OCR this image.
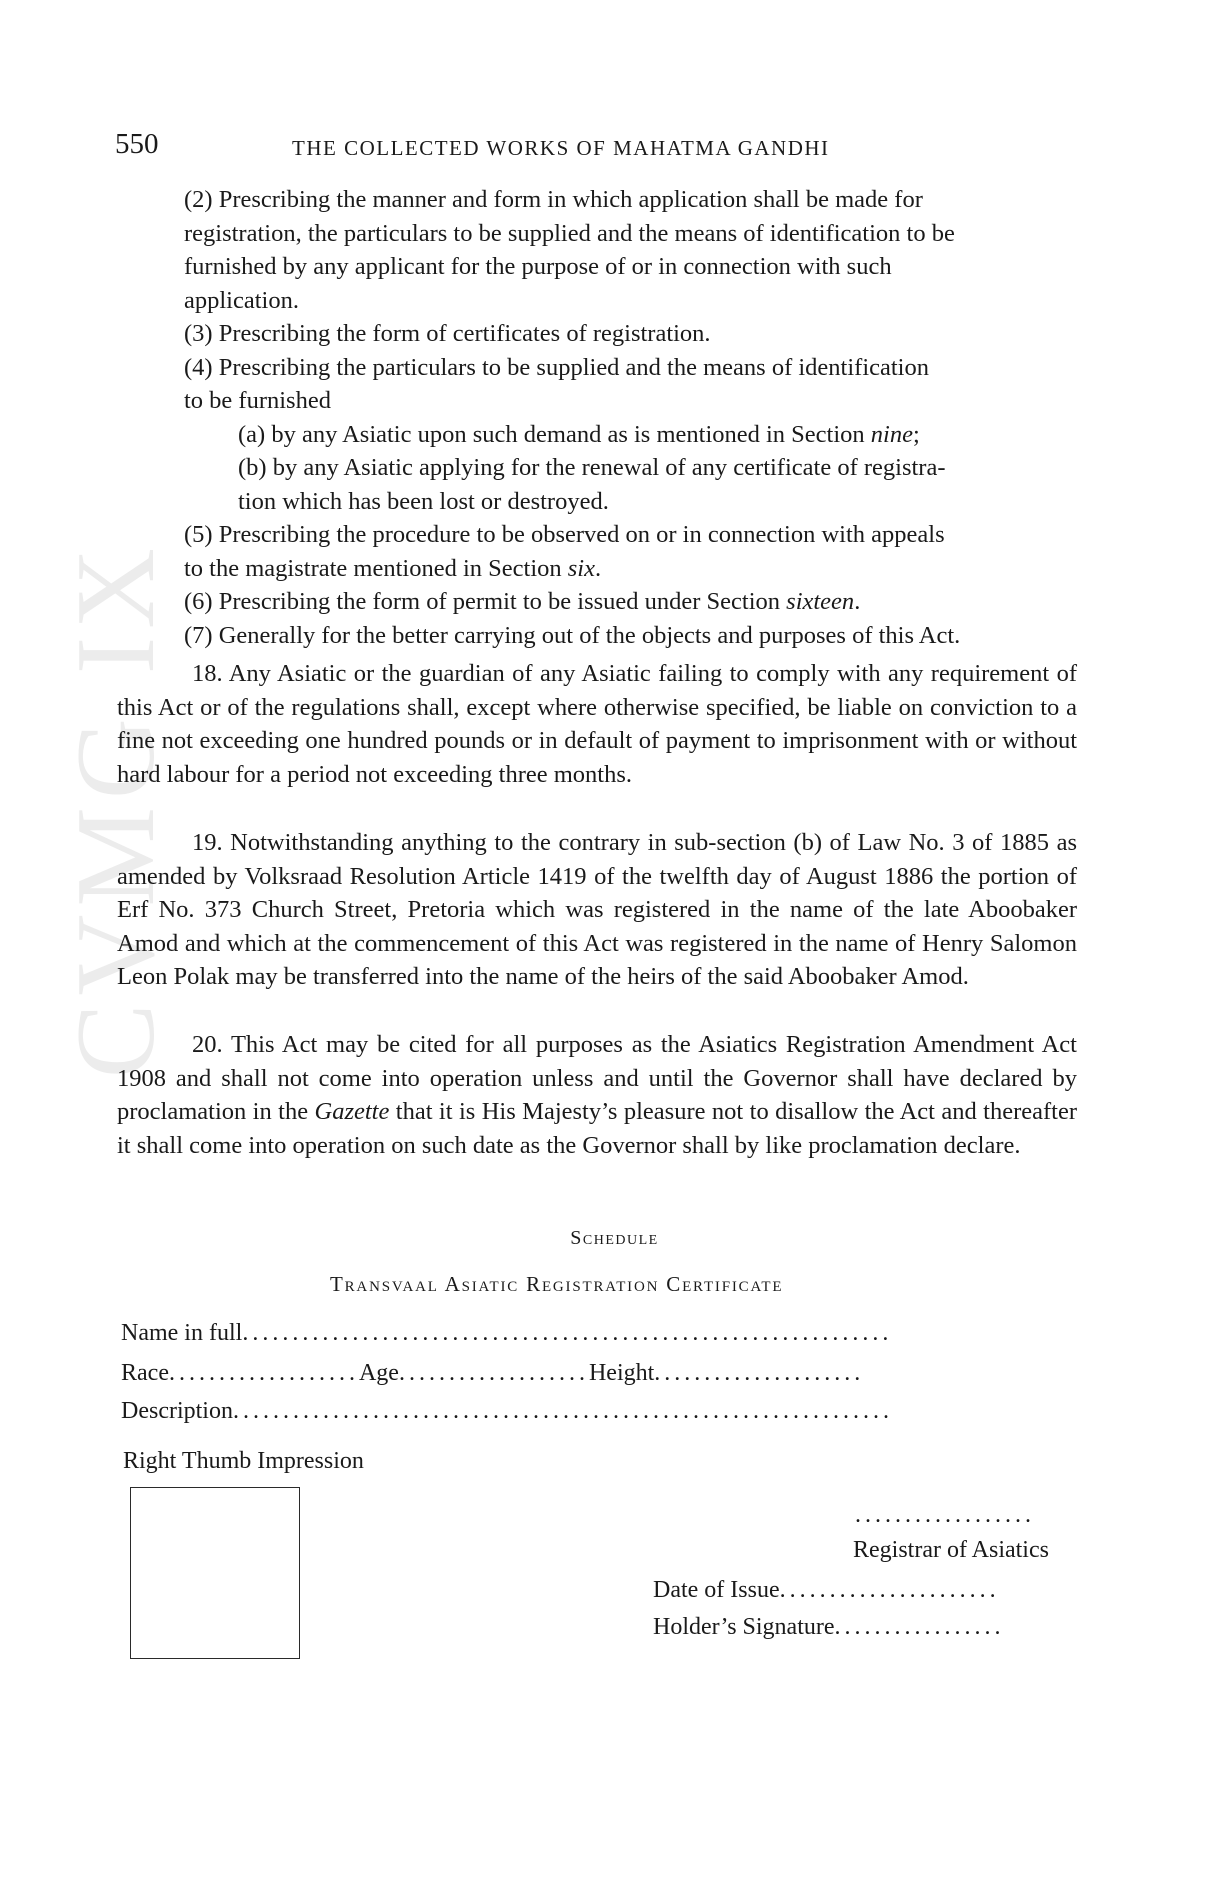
550	THE COLLECTED WORKS OF MAHATMA GANDHI
CVMG IX
(2) Prescribing the manner and form in which application shall be made for
registration, the particulars to be supplied and the means of identification to be
furnished by any applicant for the purpose of or in connection with such
application.
(3) Prescribing the form of certificates of registration.
(4) Prescribing the particulars to be supplied and the means of identification
to be furnished
(a) by any Asiatic upon such demand as is mentioned in Section nine;
(b) by any Asiatic applying for the renewal of any certificate of registra-
tion which has been lost or destroyed.
(5) Prescribing the procedure to be observed on or in connection with appeals
to the magistrate mentioned in Section six.
(6) Prescribing the form of permit to be issued under Section sixteen.
(7) Generally for the better carrying out of the objects and purposes of this Act.

18. Any Asiatic or the guardian of any Asiatic failing to comply with any requirement of this Act or of the regulations shall, except where otherwise specified, be liable on conviction to a fine not exceeding one hundred pounds or in default of payment to imprisonment with or without hard labour for a period not exceeding three months.

19. Notwithstanding anything to the contrary in sub-section (b) of Law No. 3 of 1885 as amended by Volksraad Resolution Article 1419 of the twelfth day of August 1886 the portion of Erf No. 373 Church Street, Pretoria which was registered in the name of the late Aboobaker Amod and which at the commencement of this Act was registered in the name of Henry Salomon Leon Polak may be transferred into the name of the heirs of the said Aboobaker Amod.

20. This Act may be cited for all purposes as the Asiatics Registration Amendment Act 1908 and shall not come into operation unless and until the Governor shall have declared by proclamation in the Gazette that it is His Majesty’s pleasure not to disallow the Act and thereafter it shall come into operation on such date as the Governor shall by like proclamation declare.

Schedule
Transvaal Asiatic Registration Certificate
Name in full.................................................................
Race...................Age...................Height.....................
Description..................................................................
Right Thumb Impression
..................
Registrar of Asiatics
Date of Issue......................
Holder’s Signature.................
